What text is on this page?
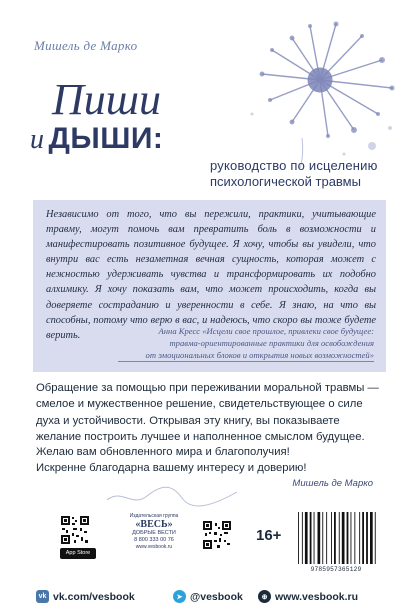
Мишель де Марко
Пиши
и ДЫШИ:
руководство по исцелению
психологической травмы
Независимо от того, что вы пережили, практики, учитывающие травму, могут помочь вам превратить боль в возможности и манифестировать позитивное будущее. Я хочу, чтобы вы увидели, что внутри вас есть незаметная вечная сущность, которая может с нежностью удерживать чувства и трансформировать их подобно алхимику. Я хочу показать вам, что может происходить, когда вы доверяете состраданию и уверенности в себе. Я знаю, на что вы способны, потому что верю в вас, и надеюсь, что скоро вы тоже будете верить.	Анна Кресс «Исцели свое прошлое, привлеки свое будущее:
травма-ориентированные практики для освобождения
от эмоциональных блоков и открытия новых возможностей»
Обращение за помощью при переживании моральной травмы — смелое и мужественное решение, свидетельствующее о силе духа и устойчивости. Открывая эту книгу, вы показываете желание построить лучшее и наполненное смыслом будущее.
Желаю вам обновленного мира и благополучия!
Искренне благодарна вашему интересу и доверию!
Мишель де Марко
App Store
Издательская группа
«ВЕСЬ»
ДОБРЫЕ ВЕСТИ
8 800 333 00 76
www.vesbook.ru
16+
9785957365129
vk vk.com/vesbook	➤ @vesbook	⊕ www.vesbook.ru
